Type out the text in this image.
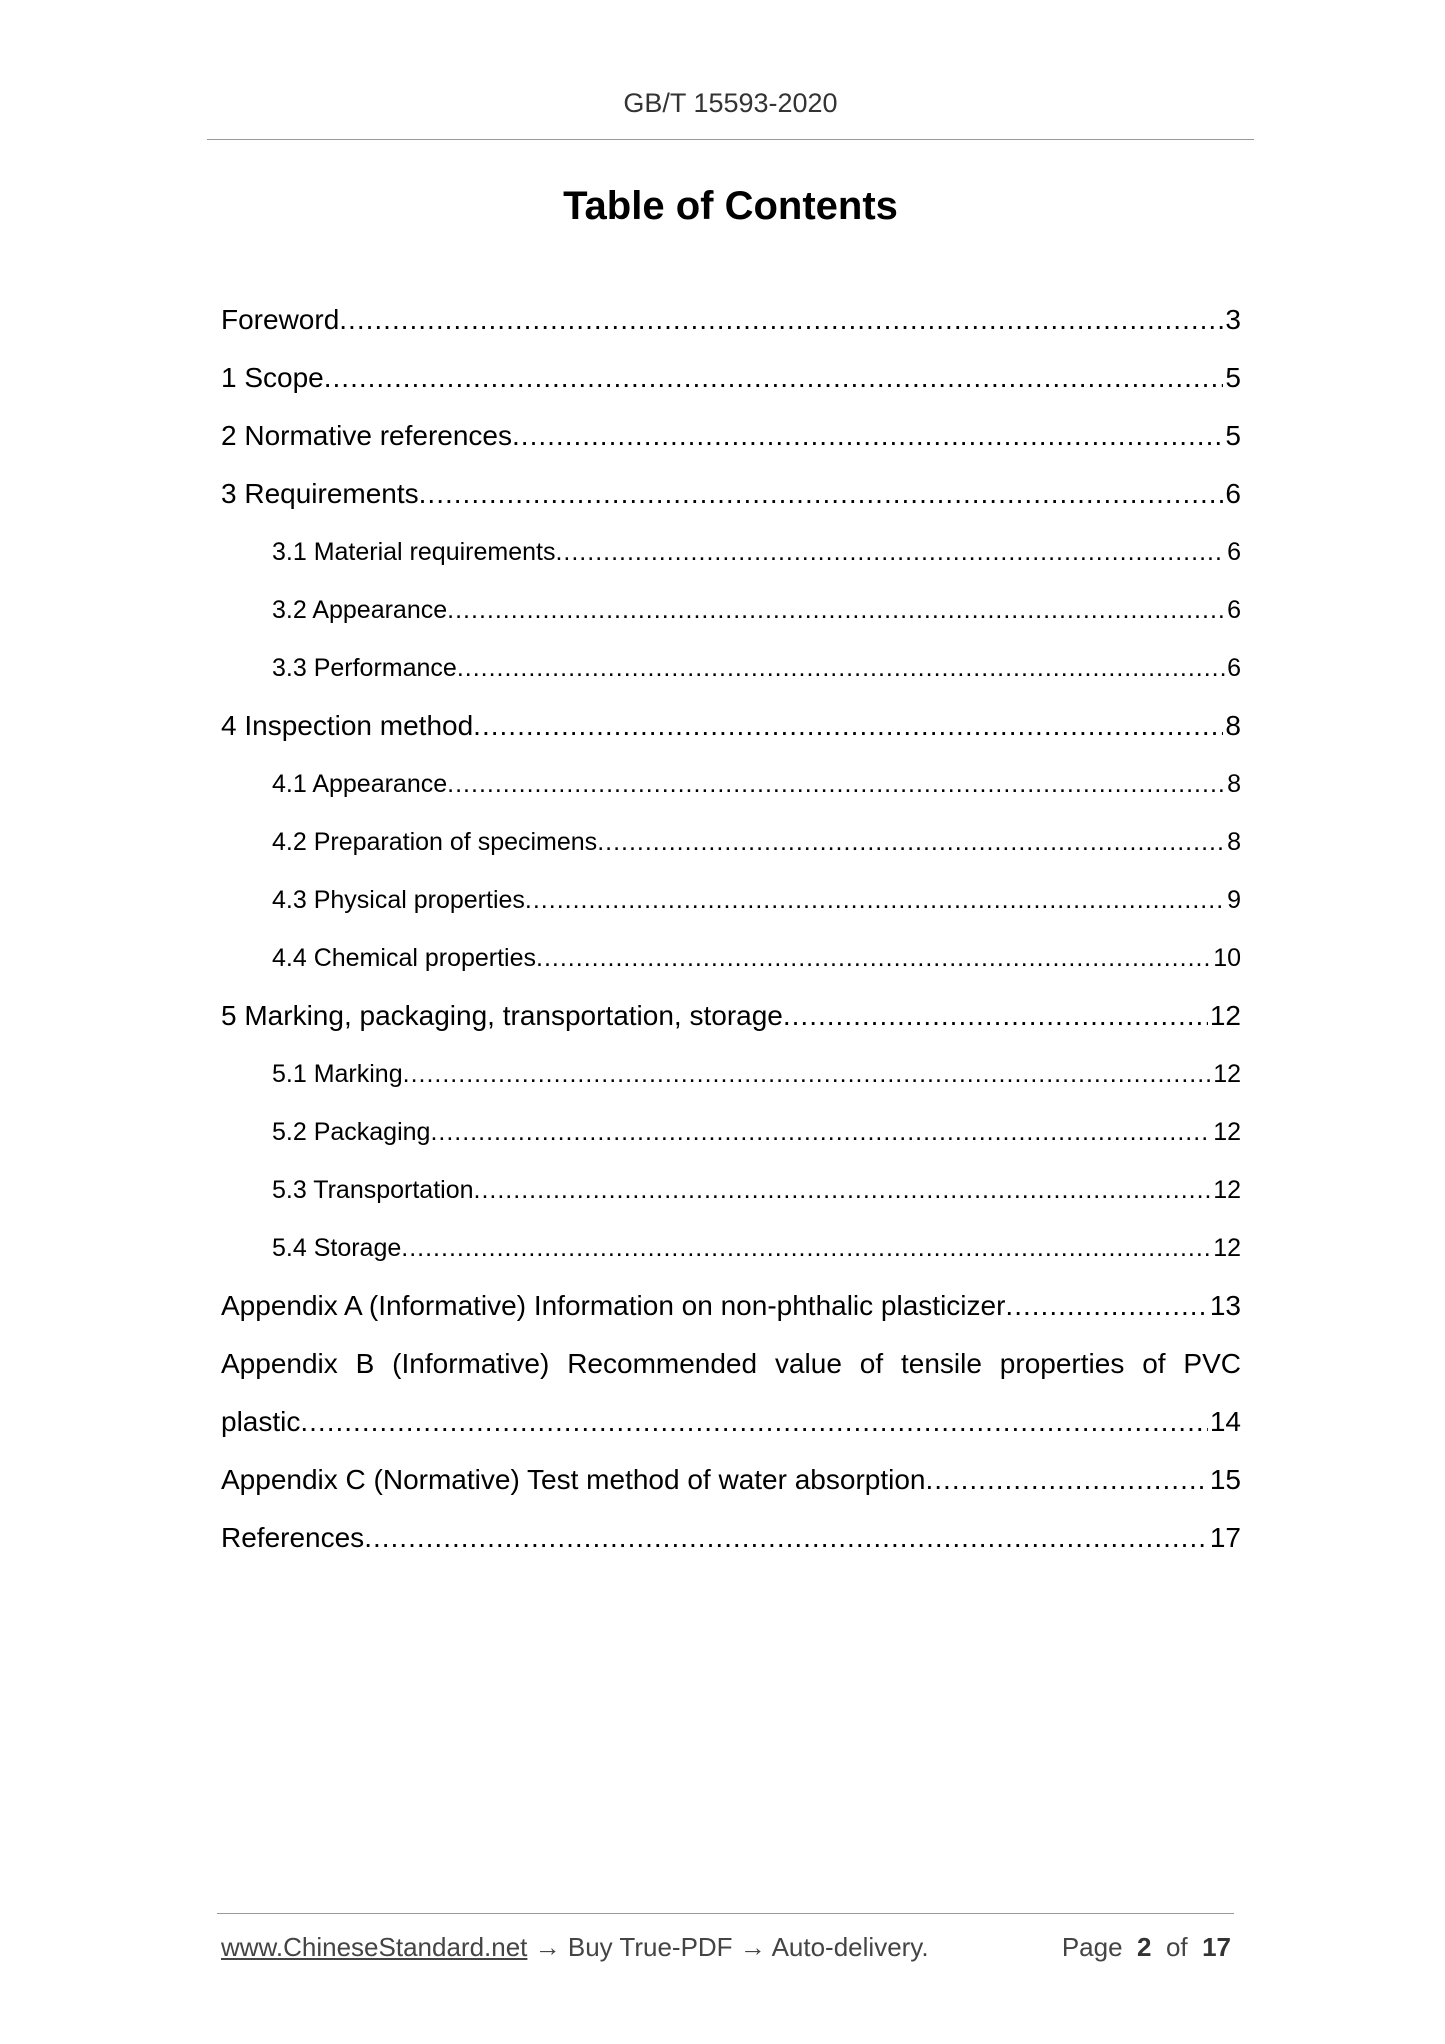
GB/T 15593-2020
Table of Contents
Foreword .....	3
1 Scope .....	5
2 Normative references .....	5
3 Requirements .....	6
3.1 Material requirements .....	6
3.2 Appearance .....	6
3.3 Performance .....	6
4 Inspection method .....	8
4.1 Appearance .....	8
4.2 Preparation of specimens .....	8
4.3 Physical properties .....	9
4.4 Chemical properties .....	10
5 Marking, packaging, transportation, storage .....	12
5.1 Marking .....	12
5.2 Packaging .....	12
5.3 Transportation .....	12
5.4 Storage .....	12
Appendix A (Informative) Information on non-phthalic plasticizer .....	13
Appendix B (Informative) Recommended value of tensile properties of PVC
plastic .....	14
Appendix C (Normative) Test method of water absorption .....	15
References .....	17
www.ChineseStandard.net → Buy True-PDF → Auto-delivery.	Page 2 of 17
